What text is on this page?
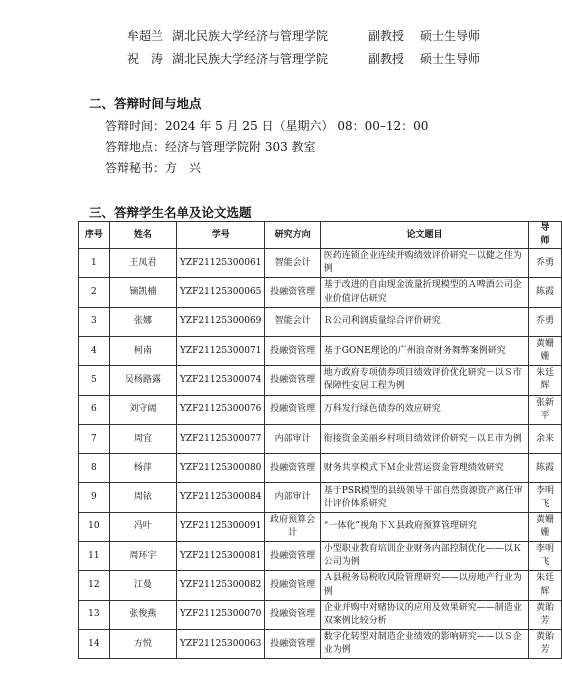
牟超兰 湖北民族大学经济与管理学院	副教授 硕士生导师
祝　涛 湖北民族大学经济与管理学院	副教授 硕士生导师
二、答辩时间与地点
答辩时间：2024 年 5 月 25 日（星期六） 08：00–12：00
答辩地点：经济与管理学院附 303 教室
答辩秘书：方　兴
三、答辩学生名单及论文选题
序号	姓名	学号	研究方向	论文题目	导　师
1	王凤君	YZF21125300061	智能会计	医药连锁企业连续并购绩效评价研究－以健之佳为例	乔勇
2	镝凯楠	YZF21125300065	投融资管理	基于改进的自由现金流量折现模型的Ａ啤酒公司企业价值评估研究	陈霞
3	张娜	YZF21125300069	智能会计	Ｒ公司利润质量综合评价研究	乔勇
4	柯南	YZF21125300071	投融资管理	基于GONE理论的广州浪奇财务舞弊案例研究	黄姗姗
5	吴杨路露	YZF21125300074	投融资管理	地方政府专项债券项目绩效评价优化研究－以Ｓ市保障性安居工程为例	朱廷辉
6	刘守阔	YZF21125300076	投融资管理	万科发行绿色债券的效应研究	张新平
7	周宜	YZF21125300077	内部审计	衔接资金美丽乡村项目绩效评价研究－以Ｅ市为例	余来
8	杨萍	YZF21125300080	投融资管理	财务共享模式下Ｍ企业营运资金管理绩效研究	陈霞
9	周铱	YZF21125300084	内部审计	基于PSR模型的县级领导干部自然资源资产离任审计评价体系研究	李明飞
10	冯叶	YZF21125300091	政府预算会计	“一体化”视角下Ｘ县政府预算管理研究	黄姗姗
11	周环宇	YZF21125300081	投融资管理	小型职业教育培训企业财务内部控制优化——以Ｋ公司为例	李明飞
12	江曼	YZF21125300082	投融资管理	Ａ县税务局税收风险管理研究——以房地产行业为例	朱廷辉
13	张俊燕	YZF21125300070	投融资管理	企业并购中对赌协议的应用及效果研究——制造业双案例比较分析	黄貽芳
14	方悦	YZF21125300063	投融资管理	数字化转型对制造企业绩效的影响研究——以Ｓ企业为例	黄貽芳
